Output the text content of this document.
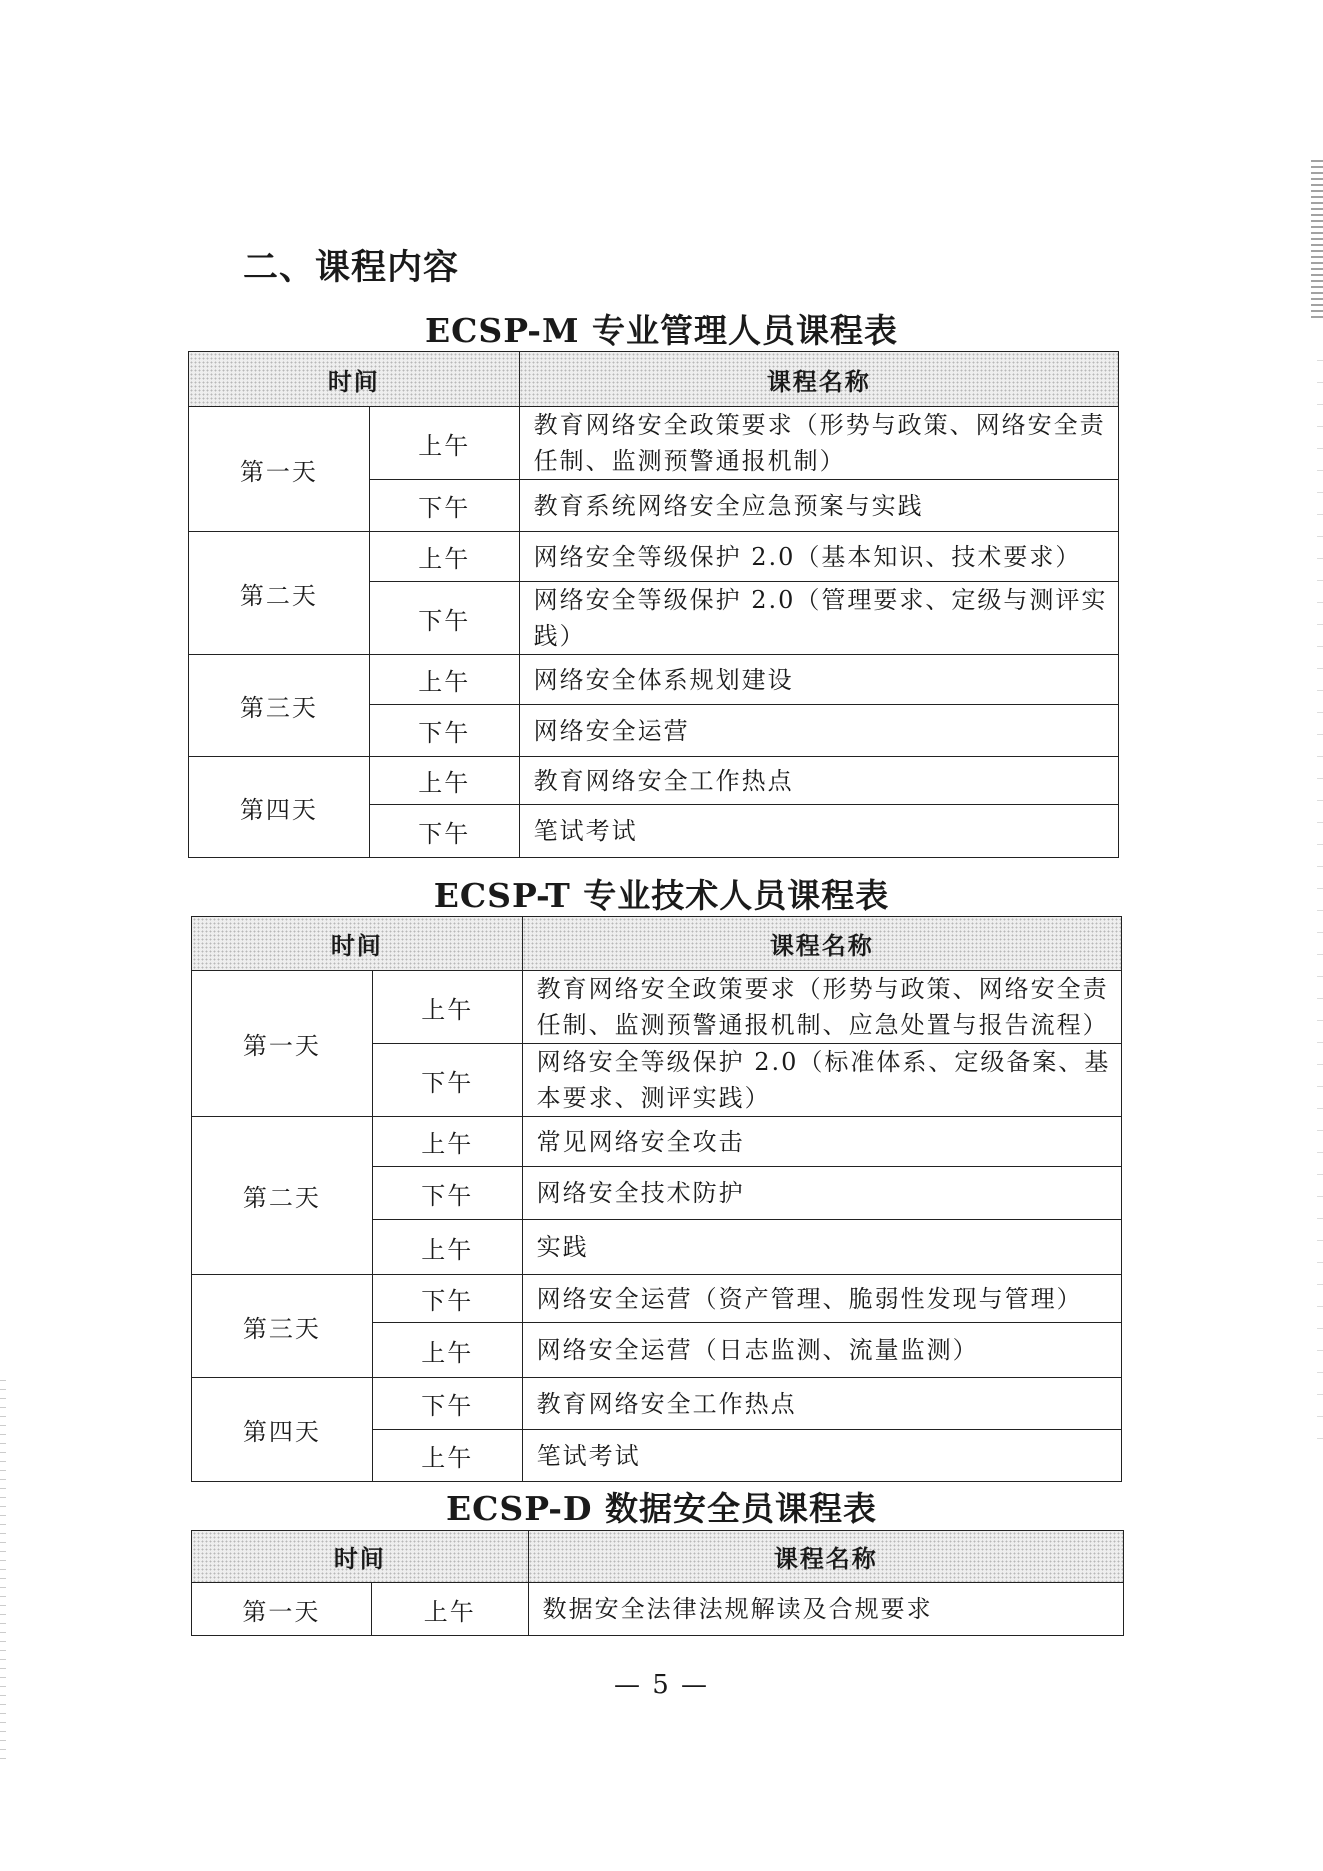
二、课程内容
ECSP-M 专业管理人员课程表
时间		课程名称
第一天	上午	教育网络安全政策要求（形势与政策、网络安全责任制、监测预警通报机制）
	下午	教育系统网络安全应急预案与实践
第二天	上午	网络安全等级保护 2.0（基本知识、技术要求）
	下午	网络安全等级保护 2.0（管理要求、定级与测评实践）
第三天	上午	网络安全体系规划建设
	下午	网络安全运营
第四天	上午	教育网络安全工作热点
	下午	笔试考试
ECSP-T 专业技术人员课程表
时间		课程名称
第一天	上午	教育网络安全政策要求（形势与政策、网络安全责任制、监测预警通报机制、应急处置与报告流程）
	下午	网络安全等级保护 2.0（标准体系、定级备案、基本要求、测评实践）
第二天	上午	常见网络安全攻击
	下午	网络安全技术防护
	上午	实践
第三天	下午	网络安全运营（资产管理、脆弱性发现与管理）
	上午	网络安全运营（日志监测、流量监测）
第四天	下午	教育网络安全工作热点
	上午	笔试考试
ECSP-D 数据安全员课程表
时间		课程名称
第一天	上午	数据安全法律法规解读及合规要求

— 5 —
